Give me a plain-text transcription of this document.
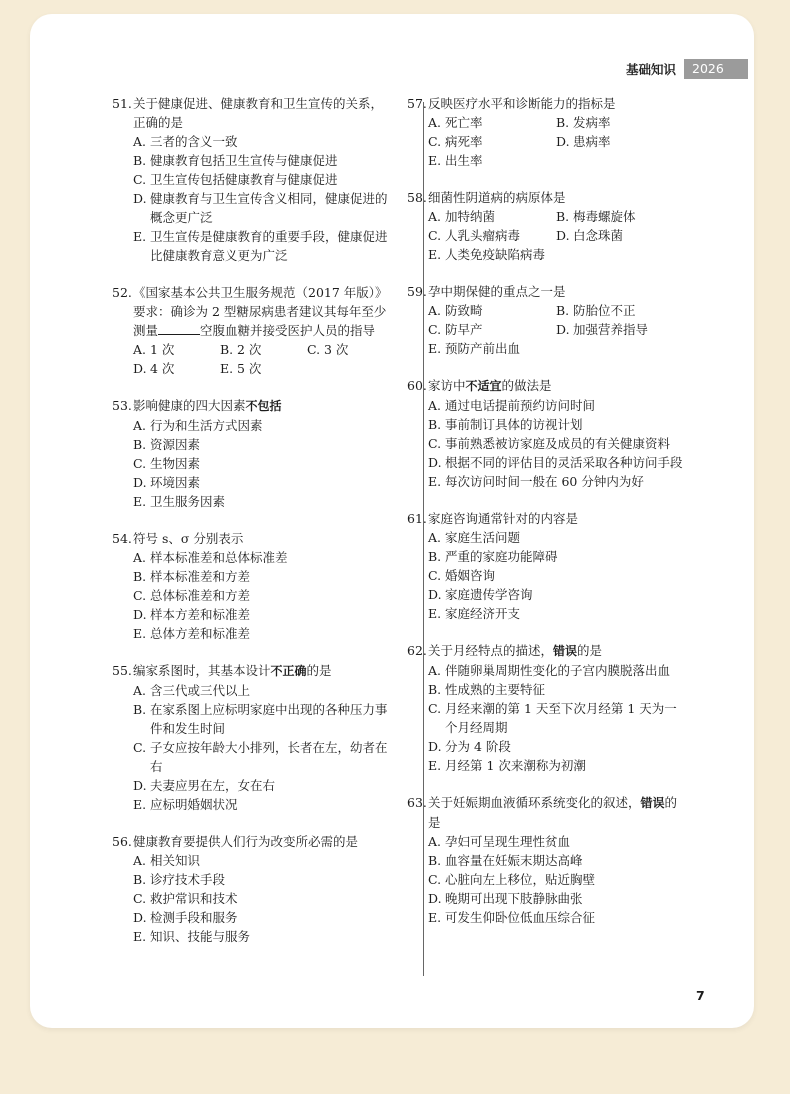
基础知识	2026
51. 关于健康促进、健康教育和卫生宣传的关系，正确的是
A. 三者的含义一致
B. 健康教育包括卫生宣传与健康促进
C. 卫生宣传包括健康教育与健康促进
D. 健康教育与卫生宣传含义相同，健康促进的概念更广泛
E. 卫生宣传是健康教育的重要手段，健康促进比健康教育意义更为广泛
52. 《国家基本公共卫生服务规范（2017 年版）》要求：确诊为 2 型糖尿病患者建议其每年至少测量	空腹血糖并接受医护人员的指导
A. 1 次	B. 2 次	C. 3 次
D. 4 次	E. 5 次
53. 影响健康的四大因素不包括
A. 行为和生活方式因素
B. 资源因素
C. 生物因素
D. 环境因素
E. 卫生服务因素
54. 符号 s、σ 分别表示
A. 样本标准差和总体标准差
B. 样本标准差和方差
C. 总体标准差和方差
D. 样本方差和标准差
E. 总体方差和标准差
55. 编家系图时，其基本设计不正确的是
A. 含三代或三代以上
B. 在家系图上应标明家庭中出现的各种压力事件和发生时间
C. 子女应按年龄大小排列，长者在左，幼者在右
D. 夫妻应男在左，女在右
E. 应标明婚姻状况
56. 健康教育要提供人们行为改变所必需的是
A. 相关知识
B. 诊疗技术手段
C. 救护常识和技术
D. 检测手段和服务
E. 知识、技能与服务
57. 反映医疗水平和诊断能力的指标是
A. 死亡率	B. 发病率
C. 病死率	D. 患病率
E. 出生率
58. 细菌性阴道病的病原体是
A. 加特纳菌	B. 梅毒螺旋体
C. 人乳头瘤病毒	D. 白念珠菌
E. 人类免疫缺陷病毒
59. 孕中期保健的重点之一是
A. 防致畸	B. 防胎位不正
C. 防早产	D. 加强营养指导
E. 预防产前出血
60. 家访中不适宜的做法是
A. 通过电话提前预约访问时间
B. 事前制订具体的访视计划
C. 事前熟悉被访家庭及成员的有关健康资料
D. 根据不同的评估目的灵活采取各种访问手段
E. 每次访问时间一般在 60 分钟内为好
61. 家庭咨询通常针对的内容是
A. 家庭生活问题
B. 严重的家庭功能障碍
C. 婚姻咨询
D. 家庭遗传学咨询
E. 家庭经济开支
62. 关于月经特点的描述，错误的是
A. 伴随卵巢周期性变化的子宫内膜脱落出血
B. 性成熟的主要特征
C. 月经来潮的第 1 天至下次月经第 1 天为一个月经周期
D. 分为 4 阶段
E. 月经第 1 次来潮称为初潮
63. 关于妊娠期血液循环系统变化的叙述，错误的是
A. 孕妇可呈现生理性贫血
B. 血容量在妊娠末期达高峰
C. 心脏向左上移位，贴近胸壁
D. 晚期可出现下肢静脉曲张
E. 可发生仰卧位低血压综合征
7
